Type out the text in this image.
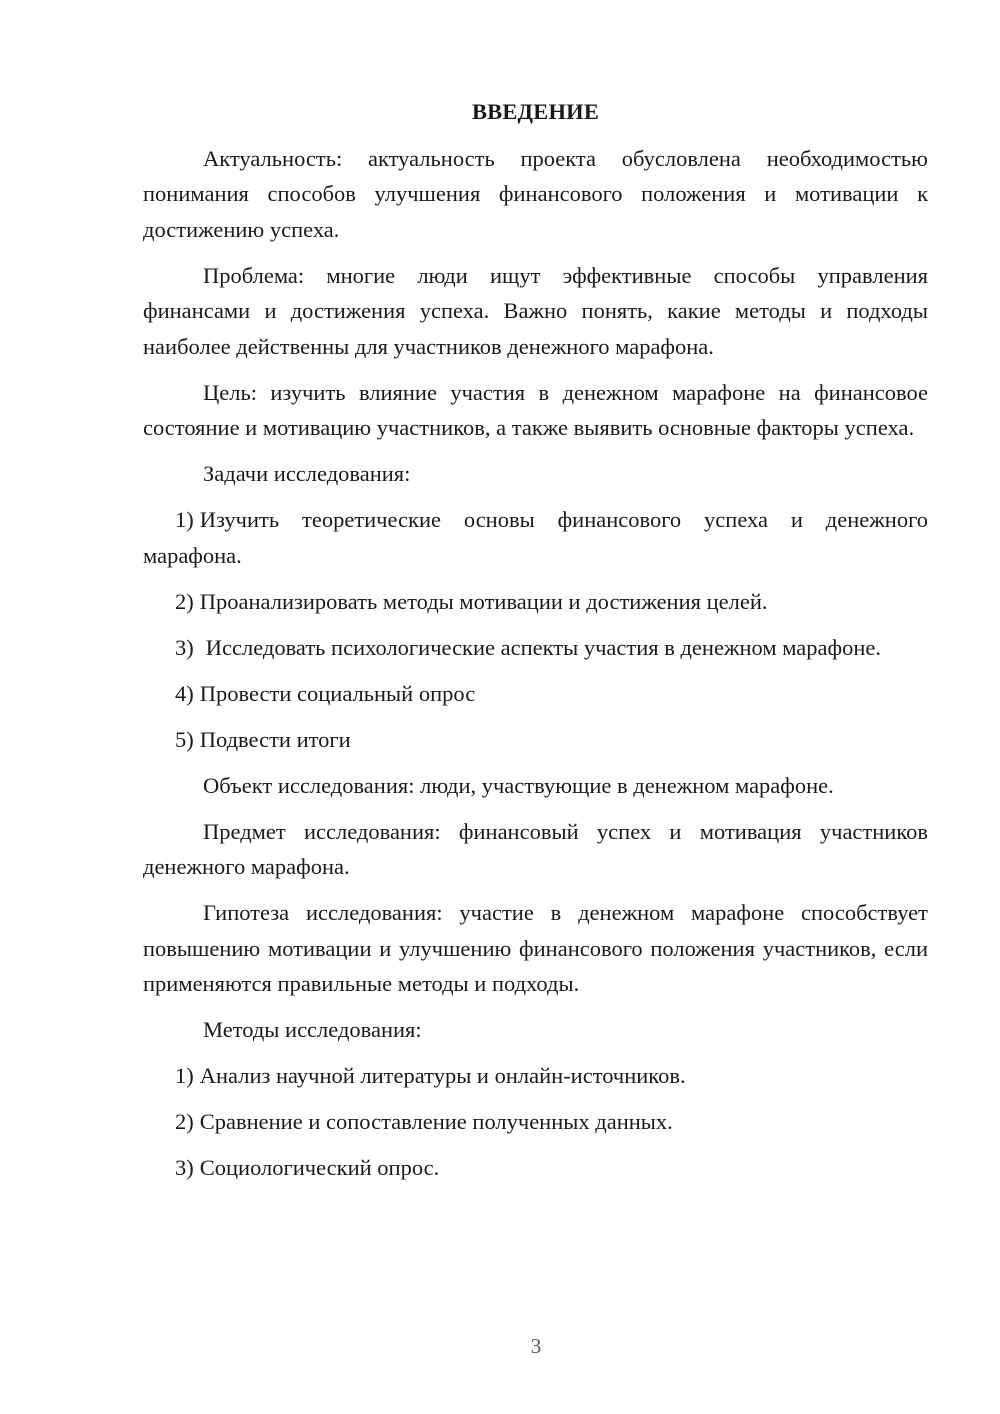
ВВЕДЕНИЕ
Актуальность: актуальность проекта обусловлена необходимостью понимания способов улучшения финансового положения и мотивации к достижению успеха.
Проблема: многие люди ищут эффективные способы управления финансами и достижения успеха. Важно понять, какие методы и подходы наиболее действенны для участников денежного марафона.
Цель: изучить влияние участия в денежном марафоне на финансовое состояние и мотивацию участников, а также выявить основные факторы успеха.
Задачи исследования:
1) Изучить теоретические основы финансового успеха и денежного марафона.
2) Проанализировать методы мотивации и достижения целей.
3) Исследовать психологические аспекты участия в денежном марафоне.
4) Провести социальный опрос
5) Подвести итоги
Объект исследования: люди, участвующие в денежном марафоне.
Предмет исследования: финансовый успех и мотивация участников денежного марафона.
Гипотеза исследования: участие в денежном марафоне способствует повышению мотивации и улучшению финансового положения участников, если применяются правильные методы и подходы.
Методы исследования:
1) Анализ научной литературы и онлайн-источников.
2) Сравнение и сопоставление полученных данных.
3) Социологический опрос.
3
